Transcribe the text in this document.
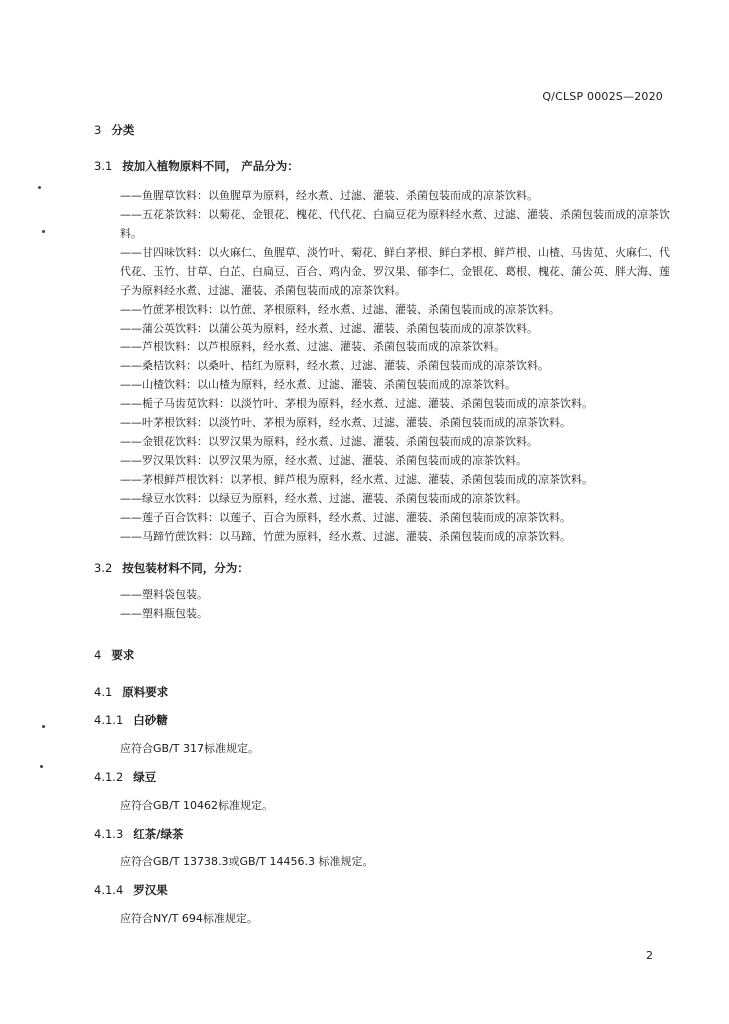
Q/CLSP 0002S—2020
3 分类
3.1 按加入植物原料不同， 产品分为：
——鱼腥草饮料：以鱼腥草为原料，经水煮、过滤、灌装、杀菌包装而成的凉茶饮料。
——五花茶饮料：以菊花、金银花、槐花、代代花、白扁豆花为原料经水煮、过滤、灌装、杀菌包装而成的凉茶饮料。
——甘四味饮料：以火麻仁、鱼腥草、淡竹叶、菊花、鲜白茅根、鲜白茅根、鲜芦根、山楂、马齿苋、火麻仁、代代花、玉竹、甘草、白芷、白扁豆、百合、鸡内金、罗汉果、郁李仁、金银花、葛根、槐花、蒲公英、胖大海、莲子为原料经水煮、过滤、灌装、杀菌包装而成的凉茶饮料。
——竹蔗茅根饮料：以竹蔗、茅根原料，经水煮、过滤、灌装、杀菌包装而成的凉茶饮料。
——蒲公英饮料：以蒲公英为原料，经水煮、过滤、灌装、杀菌包装而成的凉茶饮料。
——芦根饮料：以芦根原料，经水煮、过滤、灌装、杀菌包装而成的凉茶饮料。
——桑桔饮料：以桑叶、桔红为原料，经水煮、过滤、灌装、杀菌包装而成的凉茶饮料。
——山楂饮料：以山楂为原料，经水煮、过滤、灌装、杀菌包装而成的凉茶饮料。
——栀子马齿苋饮料：以淡竹叶、茅根为原料，经水煮、过滤、灌装、杀菌包装而成的凉茶饮料。
——叶茅根饮料：以淡竹叶、茅根为原料，经水煮、过滤、灌装、杀菌包装而成的凉茶饮料。
——金银花饮料：以罗汉果为原料，经水煮、过滤、灌装、杀菌包装而成的凉茶饮料。
——罗汉果饮料：以罗汉果为原，经水煮、过滤、灌装、杀菌包装而成的凉茶饮料。
——茅根鲜芦根饮料：以茅根、鲜芦根为原料，经水煮、过滤、灌装、杀菌包装而成的凉茶饮料。
——绿豆水饮料：以绿豆为原料，经水煮、过滤、灌装、杀菌包装而成的凉茶饮料。
——莲子百合饮料：以莲子、百合为原料，经水煮、过滤、灌装、杀菌包装而成的凉茶饮料。
——马蹄竹蔗饮料：以马蹄、竹蔗为原料，经水煮、过滤、灌装、杀菌包装而成的凉茶饮料。
3.2 按包装材料不同，分为：
——塑料袋包装。
——塑料瓶包装。
4 要求
4.1 原料要求
4.1.1 白砂糖
应符合GB/T 317标准规定。
4.1.2 绿豆
应符合GB/T 10462标准规定。
4.1.3 红茶/绿茶
应符合GB/T 13738.3或GB/T 14456.3 标准规定。
4.1.4 罗汉果
应符合NY/T 694标准规定。
2
